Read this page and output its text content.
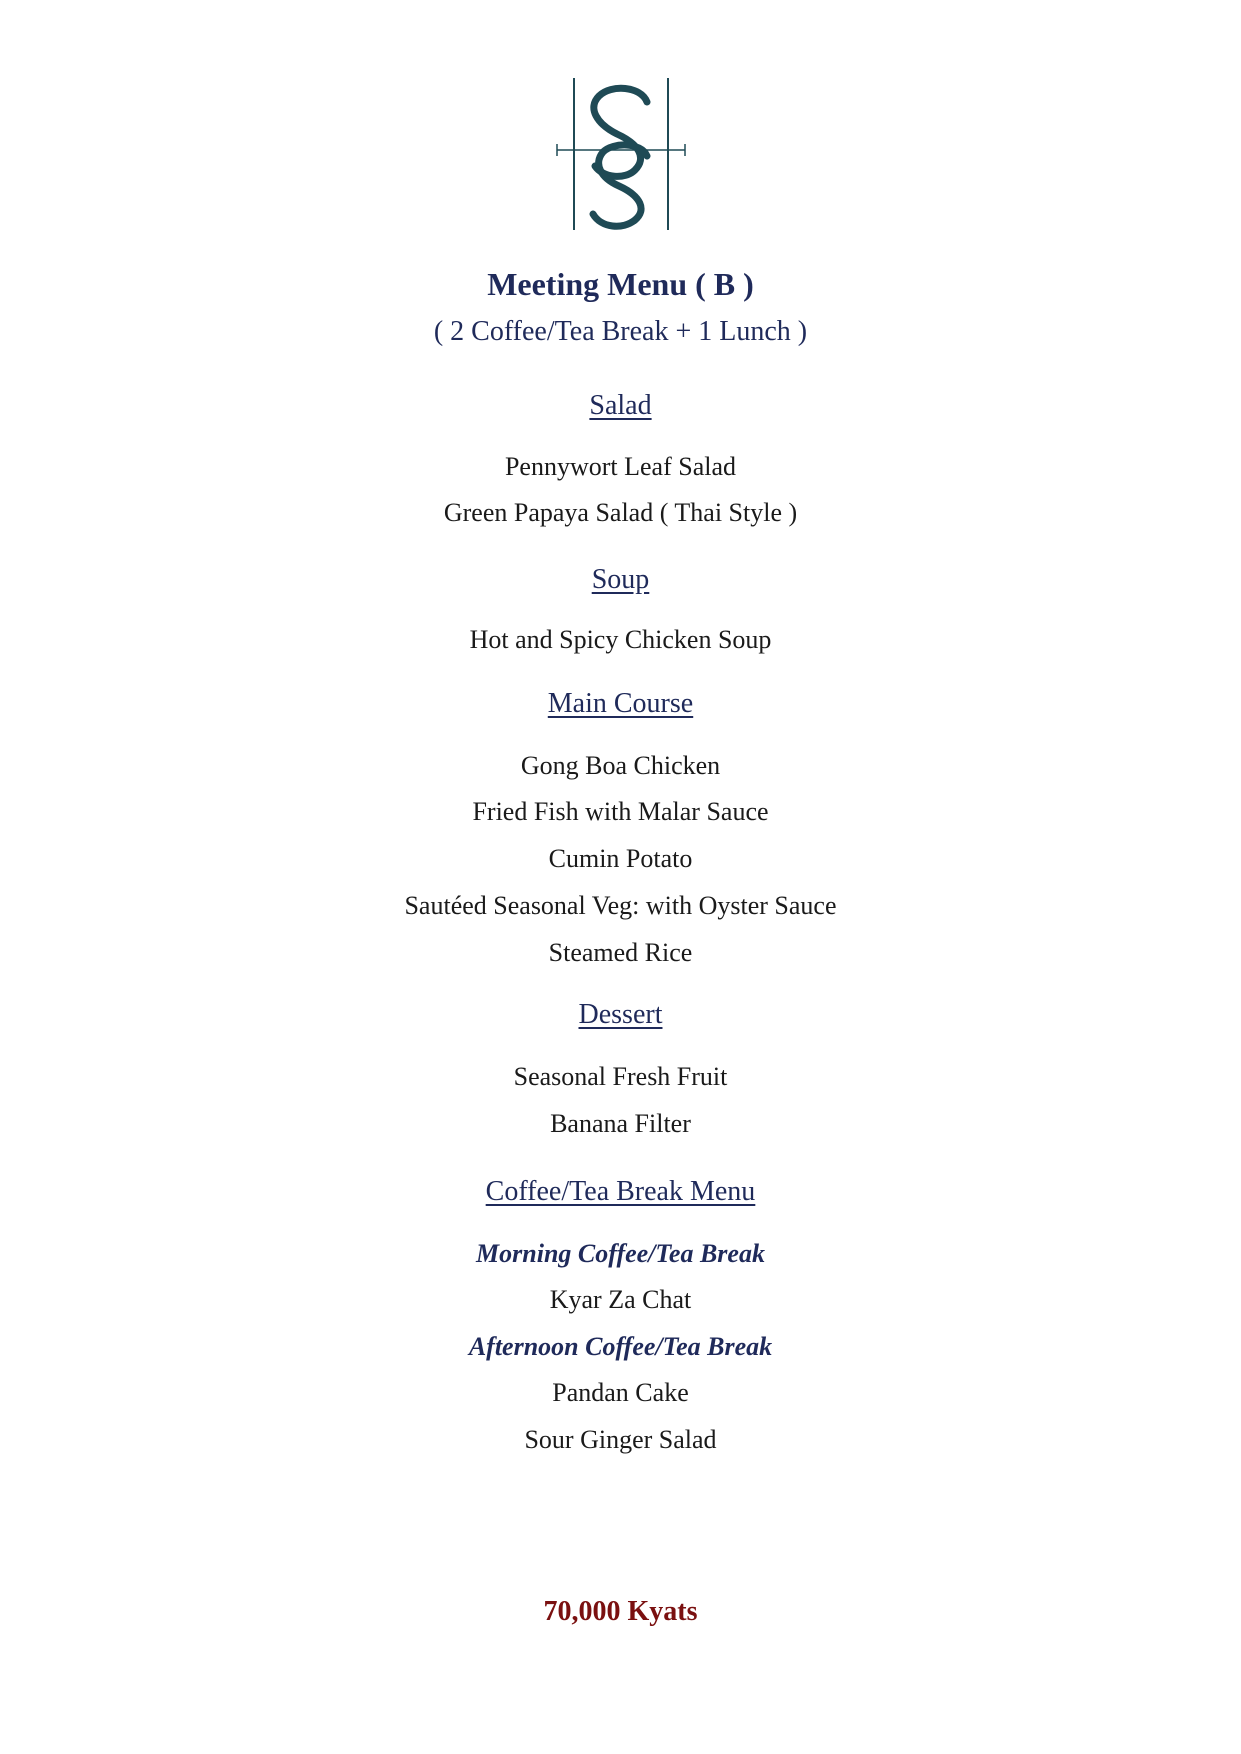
Meeting Menu ( B )
( 2 Coffee/Tea Break + 1 Lunch )
Salad
Pennywort Leaf Salad
Green Papaya Salad ( Thai Style )
Soup
Hot and Spicy Chicken Soup
Main Course
Gong Boa Chicken
Fried Fish with Malar Sauce
Cumin Potato
Sautéed Seasonal Veg: with Oyster Sauce
Steamed Rice
Dessert
Seasonal Fresh Fruit
Banana Filter
Coffee/Tea Break Menu
Morning Coffee/Tea Break
Kyar Za Chat
Afternoon Coffee/Tea Break
Pandan Cake
Sour Ginger Salad
70,000 Kyats
